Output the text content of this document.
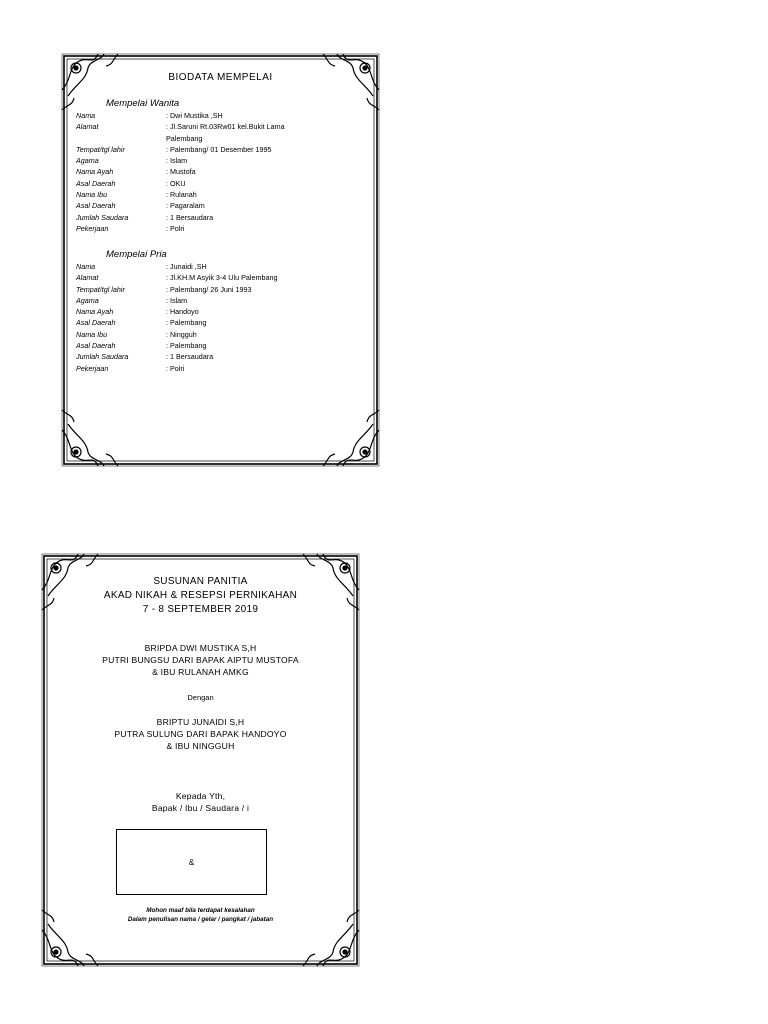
BIODATA MEMPELAI
Mempelai Wanita
Nama	: Dwi Mustika ,SH
Alamat	: Jl.Saruni Rt.03Rw01 kel.Bukit Lama
Palembang
Tempat/tgl lahir	: Palembang/ 01 Desember 1995
Agama	: Islam
Nama Ayah	: Mustofa
Asal Daerah	: OKU
Nama Ibu	: Rulanah
Asal Daerah	: Pagaralam
Jumlah Saudara	: 1 Bersaudara
Pekerjaan	: Polri
Mempelai Pria
Nama	: Junaidi ,SH
Alamat	: Jl.KH.M Asyik 3-4 Ulu Palembang
Tempat/tgl lahir	: Palembang/ 26 Juni 1993
Agama	: Islam
Nama Ayah	: Handoyo
Asal Daerah	: Palembang
Nama Ibu	: Ningguh
Asal Daerah	: Palembang
Jumlah Saudara	: 1 Bersaudara
Pekerjaan	: Polri
SUSUNAN PANITIA
AKAD NIKAH & RESEPSI PERNIKAHAN
7 - 8 SEPTEMBER 2019
BRIPDA DWI MUSTIKA S,H
PUTRI BUNGSU DARI BAPAK AIPTU MUSTOFA
& IBU RULANAH AMKG
Dengan
BRIPTU JUNAIDI S,H
PUTRA SULUNG DARI BAPAK HANDOYO
& IBU NINGGUH
Kepada Yth,
Bapak / Ibu / Saudara / i
&
Mohon maaf bila terdapat kesalahan
Dalam penulisan nama / gelar / pangkat / jabatan
